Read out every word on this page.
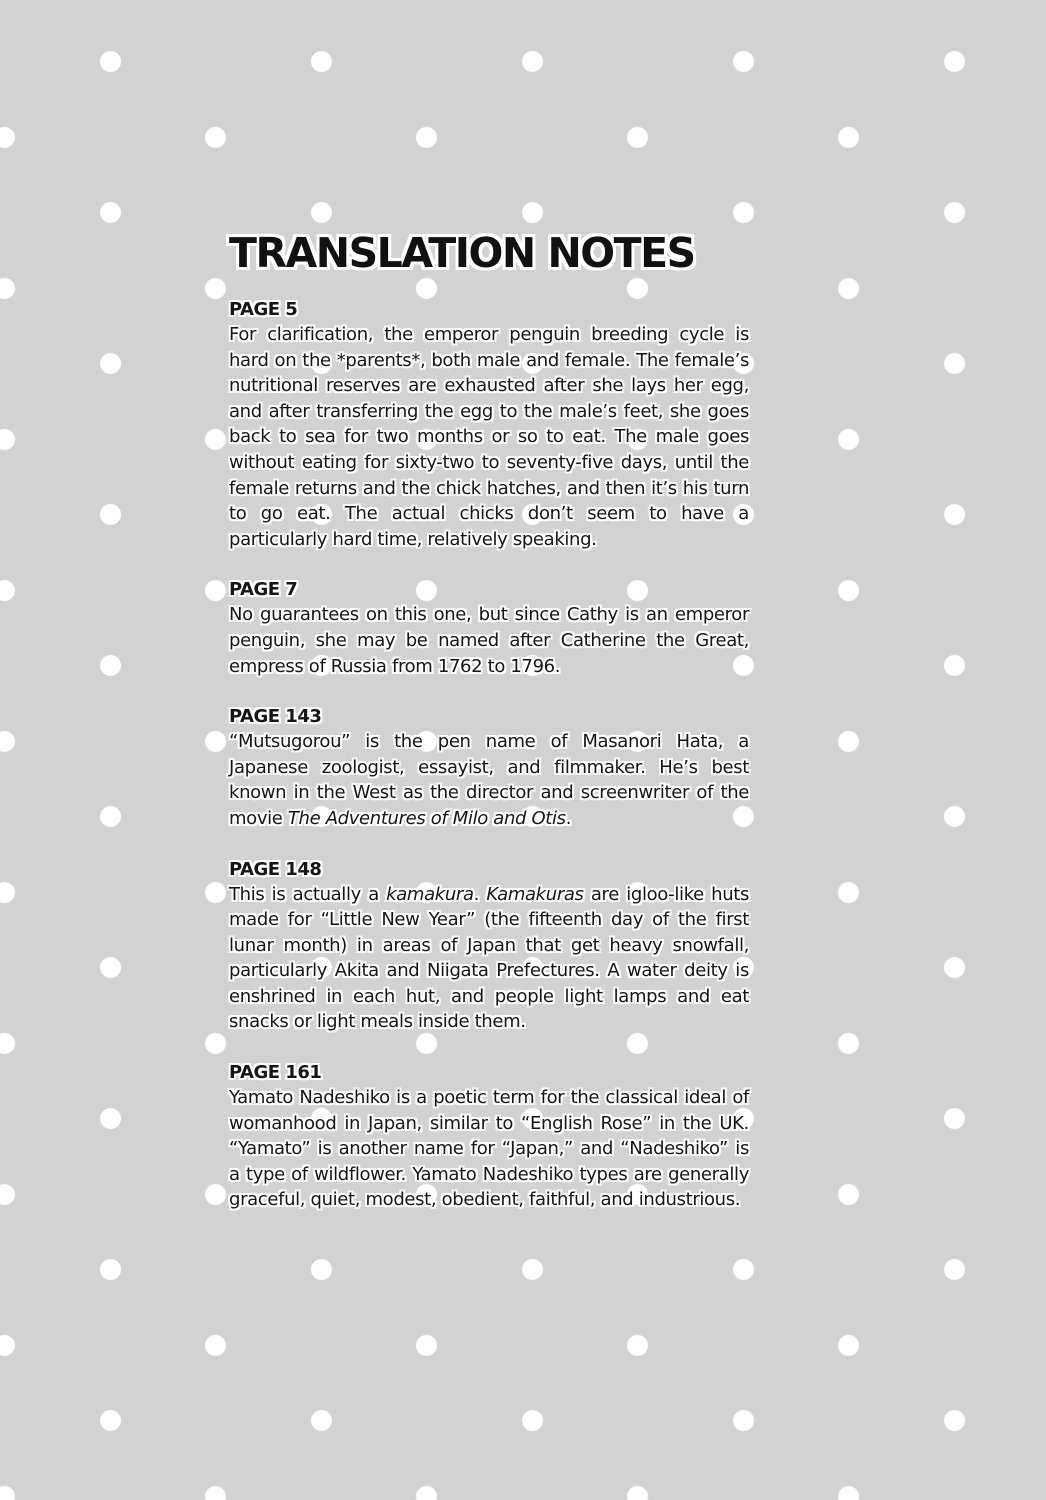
TRANSLATION NOTES
PAGE 5

For clarification, the emperor penguin breeding cycle is hard on the *parents*, both male and female. The female’s nutritional reserves are exhausted after she lays her egg, and after transferring the egg to the male’s feet, she goes back to sea for two months or so to eat. The male goes without eating for sixty-two to seventy-five days, until the female returns and the chick hatches, and then it’s his turn to go eat. The actual chicks don’t seem to have a particularly hard time, relatively speaking.

PAGE 7

No guarantees on this one, but since Cathy is an emperor penguin, she may be named after Catherine the Great, empress of Russia from 1762 to 1796.

PAGE 143

“Mutsugorou” is the pen name of Masanori Hata, a Japanese zoologist, essayist, and filmmaker. He’s best known in the West as the director and screenwriter of the movie The Adventures of Milo and Otis.

PAGE 148

This is actually a kamakura. Kamakuras are igloo-like huts made for “Little New Year” (the fifteenth day of the first lunar month) in areas of Japan that get heavy snowfall, particularly Akita and Niigata Prefectures. A water deity is enshrined in each hut, and people light lamps and eat snacks or light meals inside them.

PAGE 161

Yamato Nadeshiko is a poetic term for the classical ideal of womanhood in Japan, similar to “English Rose” in the UK. “Yamato” is another name for “Japan,” and “Nadeshiko” is a type of wildflower. Yamato Nadeshiko types are generally graceful, quiet, modest, obedient, faithful, and industrious.
